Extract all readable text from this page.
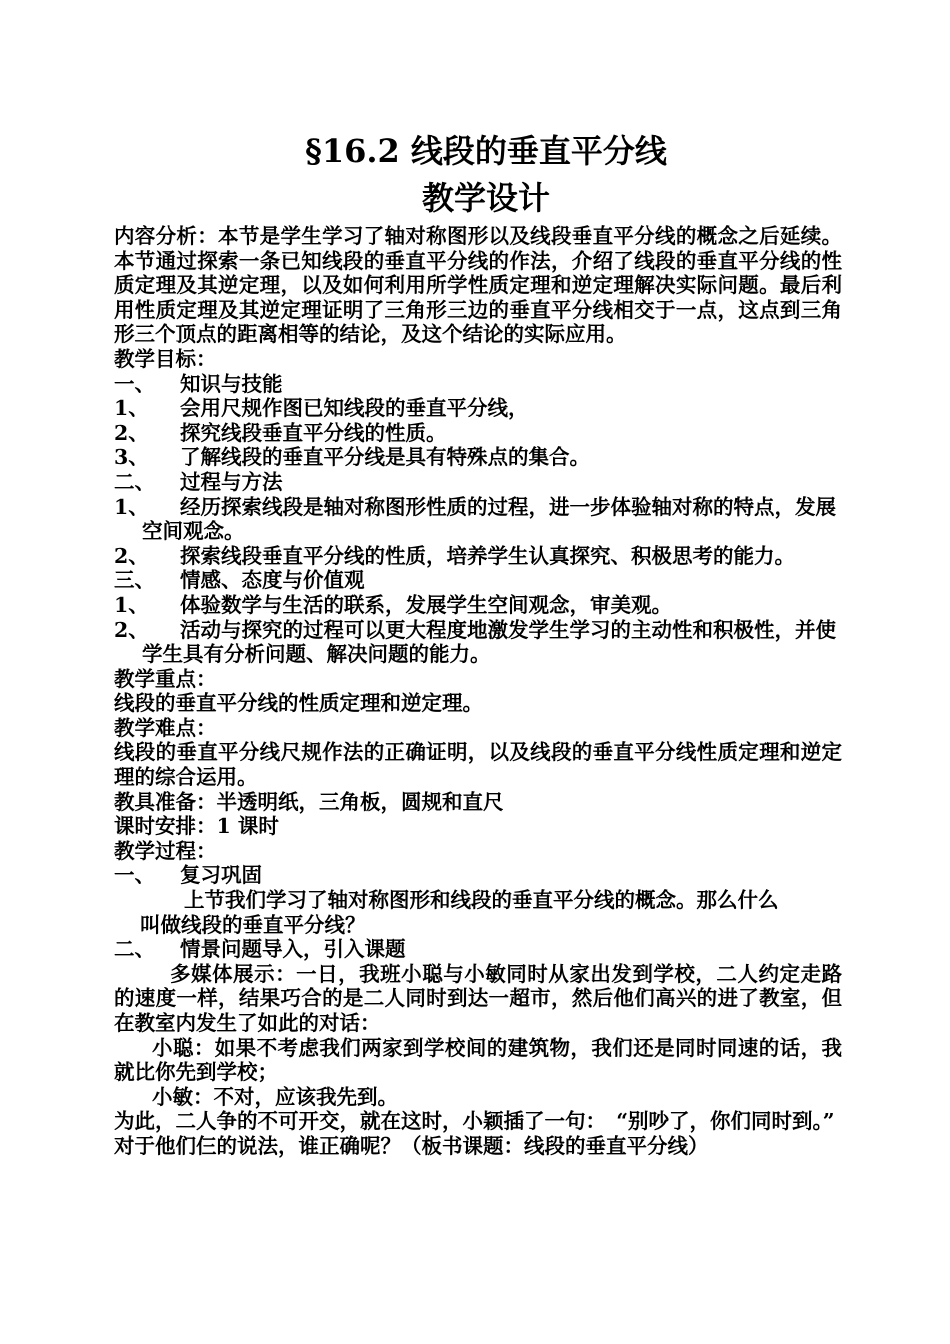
§16.2 线段的垂直平分线
教学设计

内容分析：本节是学生学习了轴对称图形以及线段垂直平分线的概念之后延续。本节通过探索一条已知线段的垂直平分线的作法，介绍了线段的垂直平分线的性质定理及其逆定理，以及如何利用所学性质定理和逆定理解决实际问题。最后利用性质定理及其逆定理证明了三角形三边的垂直平分线相交于一点，这点到三角形三个顶点的距离相等的结论，及这个结论的实际应用。

教学目标：
一、	知识与技能
1、	会用尺规作图已知线段的垂直平分线，
2、	探究线段垂直平分线的性质。
3、	了解线段的垂直平分线是具有特殊点的集合。
二、	过程与方法
1、 经历探索线段是轴对称图形性质的过程，进一步体验轴对称的特点，发展空间观念。
2、	探索线段垂直平分线的性质，培养学生认真探究、积极思考的能力。
三、	情感、态度与价值观
1、	体验数学与生活的联系，发展学生空间观念，审美观。
2、 活动与探究的过程可以更大程度地激发学生学习的主动性和积极性，并使学生具有分析问题、解决问题的能力。
教学重点：
线段的垂直平分线的性质定理和逆定理。
教学难点：

线段的垂直平分线尺规作法的正确证明，以及线段的垂直平分线性质定理和逆定理的综合运用。

教具准备：半透明纸，三角板，圆规和直尺
课时安排：1 课时
教学过程：
一、	复习巩固
上节我们学习了轴对称图形和线段的垂直平分线的概念。那么什么
叫做线段的垂直平分线？
二、	情景问题导入，引入课题

多媒体展示：一日，我班小聪与小敏同时从家出发到学校，二人约定走路的速度一样，结果巧合的是二人同时到达一超市，然后他们高兴的进了教室，但在教室内发生了如此的对话：

小聪：如果不考虑我们两家到学校间的建筑物，我们还是同时同速的话，我就比你先到学校；

小敏：不对，应该我先到。

为此，二人争的不可开交，就在这时，小颖插了一句：　“别吵了，你们同时到。”

对于他们仨的说法，谁正确呢？（板书课题：线段的垂直平分线）
